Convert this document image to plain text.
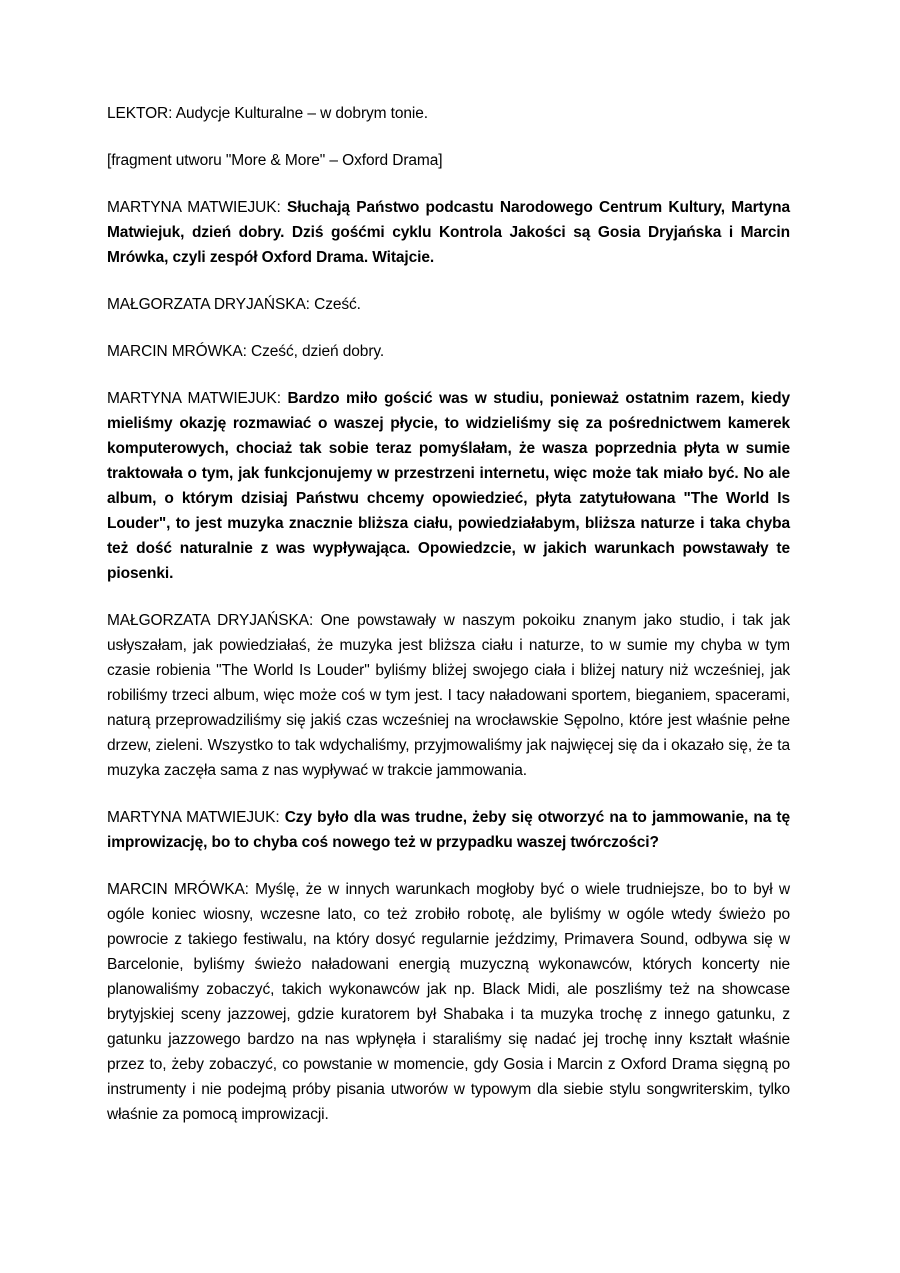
LEKTOR: Audycje Kulturalne – w dobrym tonie.

[fragment utworu "More & More" – Oxford Drama]

MARTYNA MATWIEJUK: Słuchają Państwo podcastu Narodowego Centrum Kultury, Martyna Matwiejuk, dzień dobry. Dziś gośćmi cyklu Kontrola Jakości są Gosia Dryjańska i Marcin Mrówka, czyli zespół Oxford Drama. Witajcie.

MAŁGORZATA DRYJAŃSKA: Cześć.

MARCIN MRÓWKA: Cześć, dzień dobry.

MARTYNA MATWIEJUK: Bardzo miło gościć was w studiu, ponieważ ostatnim razem, kiedy mieliśmy okazję rozmawiać o waszej płycie, to widzieliśmy się za pośrednictwem kamerek komputerowych, chociaż tak sobie teraz pomyślałam, że wasza poprzednia płyta w sumie traktowała o tym, jak funkcjonujemy w przestrzeni internetu, więc może tak miało być. No ale album, o którym dzisiaj Państwu chcemy opowiedzieć, płyta zatytułowana "The World Is Louder", to jest muzyka znacznie bliższa ciału, powiedziałabym, bliższa naturze i taka chyba też dość naturalnie z was wypływająca. Opowiedzcie, w jakich warunkach powstawały te piosenki.

MAŁGORZATA DRYJAŃSKA: One powstawały w naszym pokoiku znanym jako studio, i tak jak usłyszałam, jak powiedziałaś, że muzyka jest bliższa ciału i naturze, to w sumie my chyba w tym czasie robienia "The World Is Louder" byliśmy bliżej swojego ciała i bliżej natury niż wcześniej, jak robiliśmy trzeci album, więc może coś w tym jest. I tacy naładowani sportem, bieganiem, spacerami, naturą przeprowadziliśmy się jakiś czas wcześniej na wrocławskie Sępolno, które jest właśnie pełne drzew, zieleni. Wszystko to tak wdychaliśmy, przyjmowaliśmy jak najwięcej się da i okazało się, że ta muzyka zaczęła sama z nas wypływać w trakcie jammowania.

MARTYNA MATWIEJUK: Czy było dla was trudne, żeby się otworzyć na to jammowanie, na tę improwizację, bo to chyba coś nowego też w przypadku waszej twórczości?

MARCIN MRÓWKA: Myślę, że w innych warunkach mogłoby być o wiele trudniejsze, bo to był w ogóle koniec wiosny, wczesne lato, co też zrobiło robotę, ale byliśmy w ogóle wtedy świeżo po powrocie z takiego festiwalu, na który dosyć regularnie jeździmy, Primavera Sound, odbywa się w Barcelonie, byliśmy świeżo naładowani energią muzyczną wykonawców, których koncerty nie planowaliśmy zobaczyć, takich wykonawców jak np. Black Midi, ale poszliśmy też na showcase brytyjskiej sceny jazzowej, gdzie kuratorem był Shabaka i ta muzyka trochę z innego gatunku, z gatunku jazzowego bardzo na nas wpłynęła i staraliśmy się nadać jej trochę inny kształt właśnie przez to, żeby zobaczyć, co powstanie w momencie, gdy Gosia i Marcin z Oxford Drama sięgną po instrumenty i nie podejmą próby pisania utworów w typowym dla siebie stylu songwriterskim, tylko właśnie za pomocą improwizacji.
